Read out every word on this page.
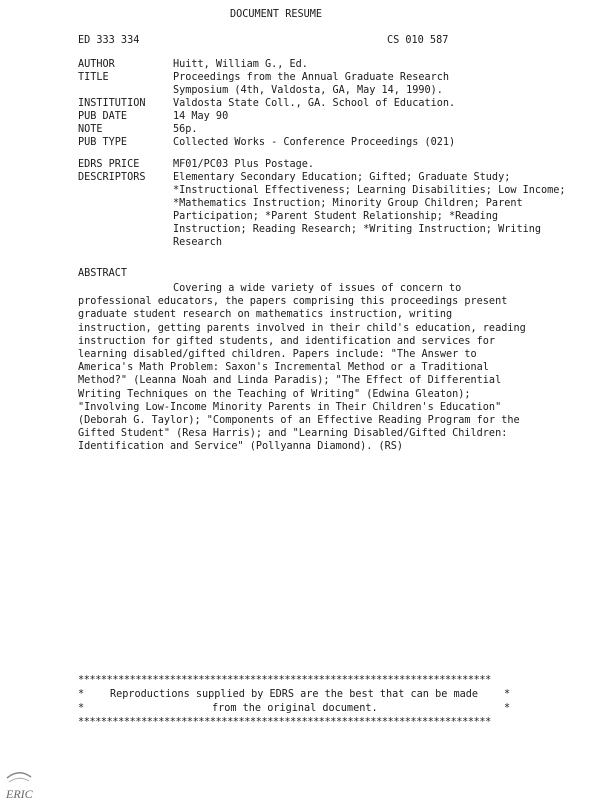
DOCUMENT RESUME
ED 333 334	CS 010 587
AUTHOR	Huitt, William G., Ed.
TITLE	Proceedings from the Annual Graduate Research Symposium (4th, Valdosta, GA, May 14, 1990).
INSTITUTION	Valdosta State Coll., GA. School of Education.
PUB DATE	14 May 90
NOTE	56p.
PUB TYPE	Collected Works - Conference Proceedings (021)
EDRS PRICE	MF01/PC03 Plus Postage.
DESCRIPTORS	Elementary Secondary Education; Gifted; Graduate Study; *Instructional Effectiveness; Learning Disabilities; Low Income; *Mathematics Instruction; Minority Group Children; Parent Participation; *Parent Student Relationship; *Reading Instruction; Reading Research; *Writing Instruction; Writing Research
ABSTRACT
Covering a wide variety of issues of concern to professional educators, the papers comprising this proceedings present graduate student research on mathematics instruction, writing instruction, getting parents involved in their child's education, reading instruction for gifted students, and identification and services for learning disabled/gifted children. Papers include: "The Answer to America's Math Problem: Saxon's Incremental Method or a Traditional Method?" (Leanna Noah and Linda Paradis); "The Effect of Differential Writing Techniques on the Teaching of Writing" (Edwina Gleaton); "Involving Low-Income Minority Parents in Their Children's Education" (Deborah G. Taylor); "Components of an Effective Reading Program for the Gifted Student" (Resa Harris); and "Learning Disabled/Gifted Children: Identification and Service" (Pollyanna Diamond). (RS)
************************************************************************
*	Reproductions supplied by EDRS are the best that can be made	*
*	from the original document.	*
************************************************************************
ERIC
